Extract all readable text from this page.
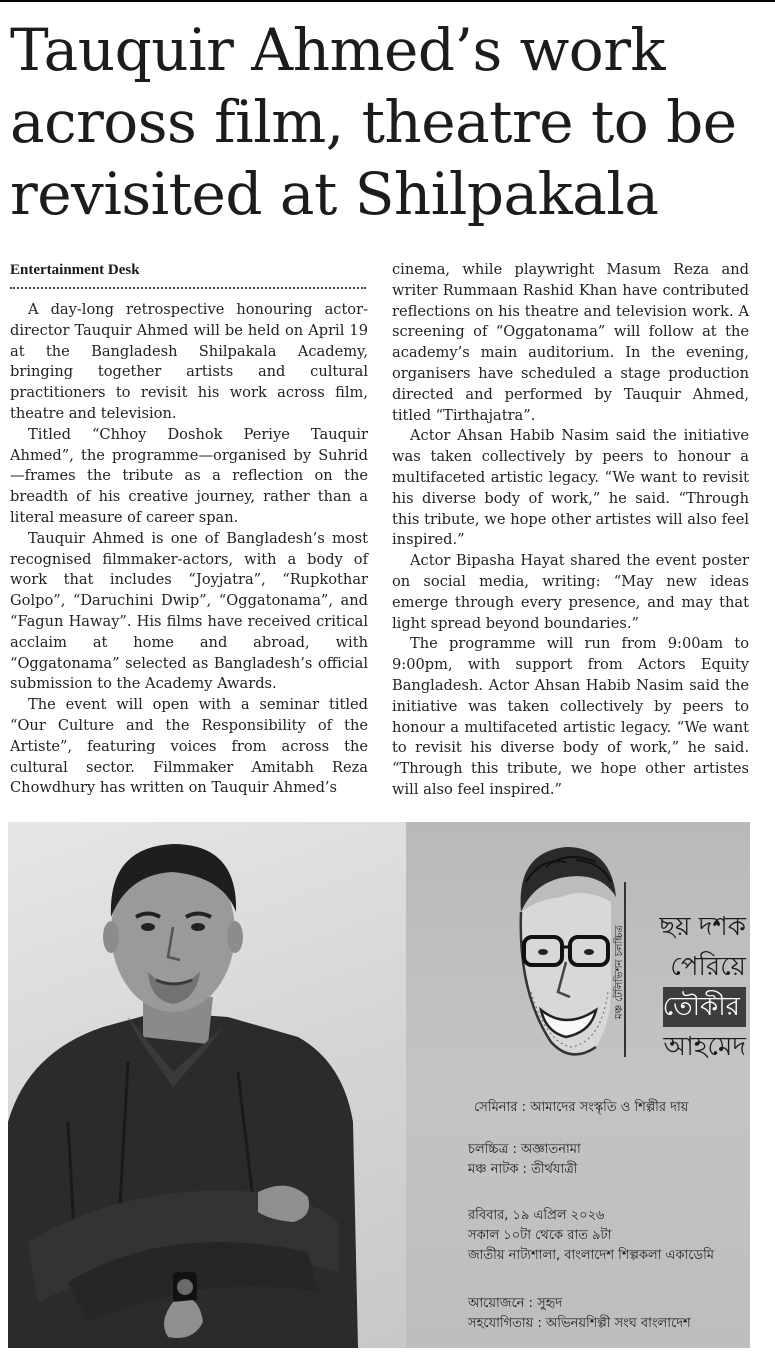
Tauquir Ahmed’s work across film, theatre to be revisited at Shilpakala
Entertainment Desk

A day-long retrospective honouring actor-director Tauquir Ahmed will be held on April 19 at the Bangladesh Shilpakala Academy, bringing together artists and cultural practitioners to revisit his work across film, theatre and television.

Titled “Chhoy Doshok Periye Tauquir Ahmed”, the programme—organised by Suhrid—frames the tribute as a reflection on the breadth of his creative journey, rather than a literal measure of career span.

Tauquir Ahmed is one of Bangladesh’s most recognised filmmaker-actors, with a body of work that includes “Joyjatra”, “Rupkothar Golpo”, “Daruchini Dwip”, “Oggatonama”, and “Fagun Haway”. His films have received critical acclaim at home and abroad, with “Oggatonama” selected as Bangladesh’s official submission to the Academy Awards.

The event will open with a seminar titled “Our Culture and the Responsibility of the Artiste”, featuring voices from across the cultural sector. Filmmaker Amitabh Reza Chowdhury has written on Tauquir Ahmed’s

cinema, while playwright Masum Reza and writer Rummaan Rashid Khan have contributed reflections on his theatre and television work. A screening of “Oggatonama” will follow at the academy’s main auditorium. In the evening, organisers have scheduled a stage production directed and performed by Tauquir Ahmed, titled “Tirthajatra”.

Actor Ahsan Habib Nasim said the initiative was taken collectively by peers to honour a multifaceted artistic legacy. “We want to revisit his diverse body of work,” he said. “Through this tribute, we hope other artistes will also feel inspired.”

Actor Bipasha Hayat shared the event poster on social media, writing: “May new ideas emerge through every presence, and may that light spread beyond boundaries.”

The programme will run from 9:00am to 9:00pm, with support from Actors Equity Bangladesh. Actor Ahsan Habib Nasim said the initiative was taken collectively by peers to honour a multifaceted artistic legacy. “We want to revisit his diverse body of work,” he said. “Through this tribute, we hope other artistes will also feel inspired.”

মঞ্চ টেলিভিশন চলচ্চিত্র	ছয় দশক
পেরিয়ে
তৌকীর
আহমেদ
সেমিনার : আমাদের সংস্কৃতি ও শিল্পীর দায়
চলচ্চিত্র : অজ্ঞাতনামা
মঞ্চ নাটক : তীর্থযাত্রী
রবিবার, ১৯ এপ্রিল ২০২৬
সকাল ১০টা থেকে রাত ৯টা
জাতীয় নাট্যশালা, বাংলাদেশ শিল্পকলা একাডেমি
আয়োজনে : সুহৃদ
সহযোগিতায় : অভিনয়শিল্পী সংঘ বাংলাদেশ
